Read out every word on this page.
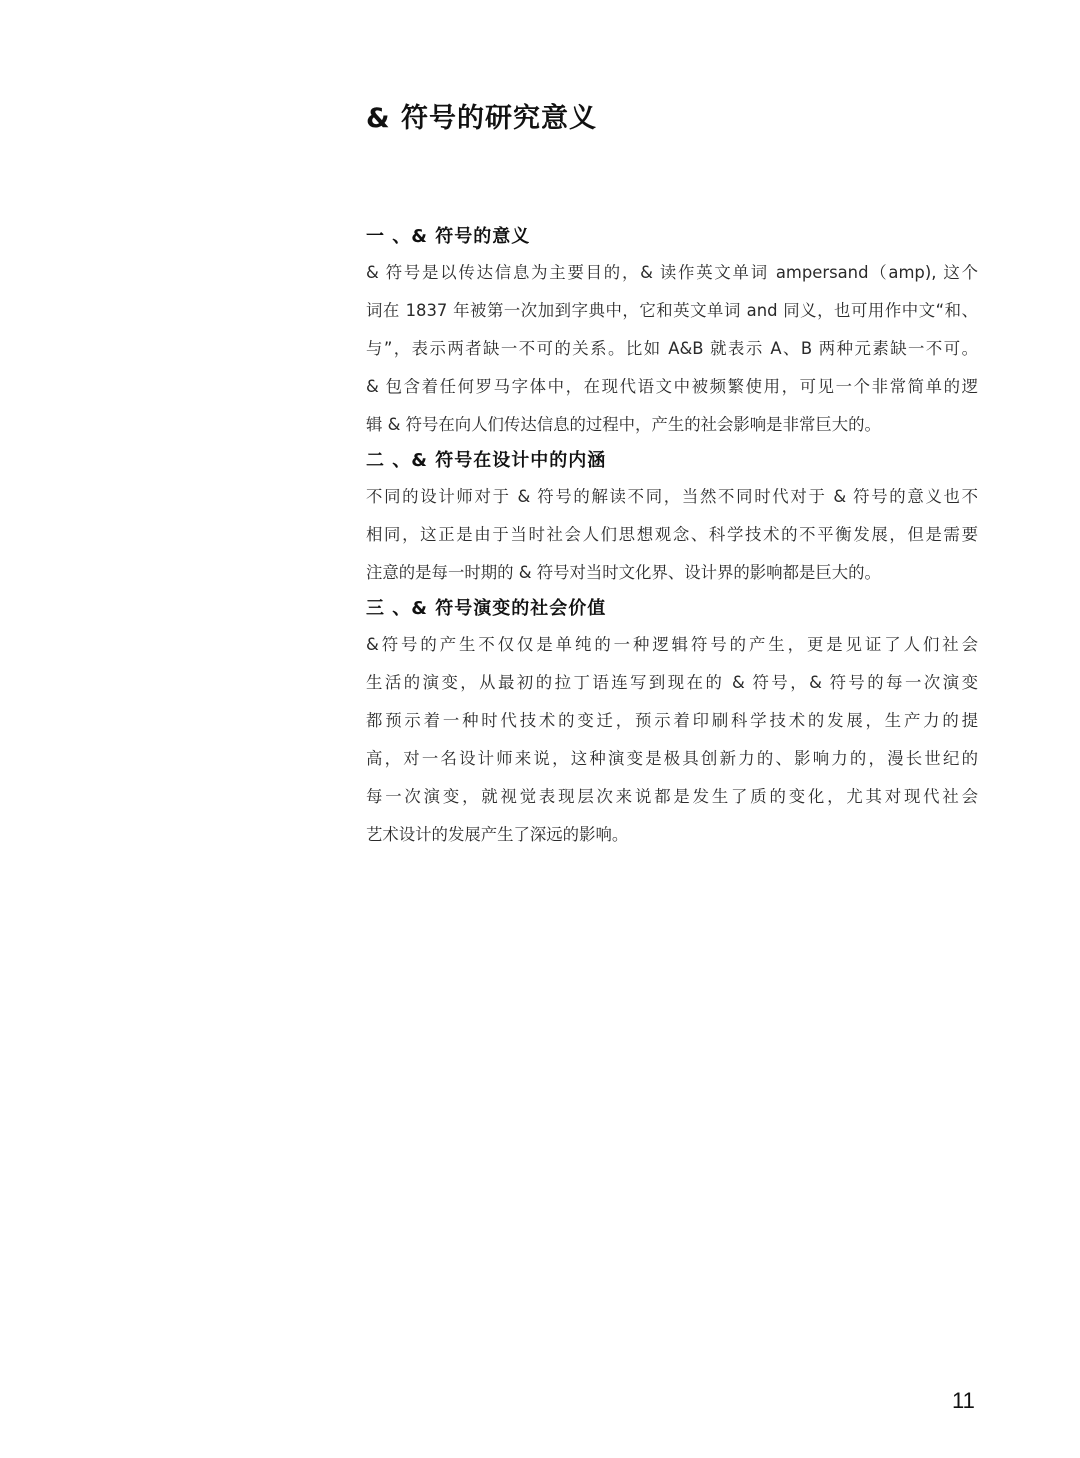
& 符号的研究意义
一 、& 符号的意义
& 符号是以传达信息为主要目的，& 读作英文单词 ampersand（amp), 这个
词在 1837 年被第一次加到字典中，它和英文单词 and 同义，也可用作中文“和、
与”，表示两者缺一不可的关系。比如 A&B 就表示 A、B 两种元素缺一不可。
& 包含着任何罗马字体中，在现代语文中被频繁使用，可见一个非常简单的逻
辑 & 符号在向人们传达信息的过程中，产生的社会影响是非常巨大的。
二 、& 符号在设计中的内涵
不同的设计师对于 & 符号的解读不同，当然不同时代对于 & 符号的意义也不
相同，这正是由于当时社会人们思想观念、科学技术的不平衡发展，但是需要
注意的是每一时期的 & 符号对当时文化界、设计界的影响都是巨大的。
三 、& 符号演变的社会价值
&符号的产生不仅仅是单纯的一种逻辑符号的产生，更是见证了人们社会
生活的演变，从最初的拉丁语连写到现在的 & 符号，& 符号的每一次演变
都预示着一种时代技术的变迁，预示着印刷科学技术的发展，生产力的提
高，对一名设计师来说，这种演变是极具创新力的、影响力的，漫长世纪的
每一次演变，就视觉表现层次来说都是发生了质的变化，尤其对现代社会
艺术设计的发展产生了深远的影响。
11
